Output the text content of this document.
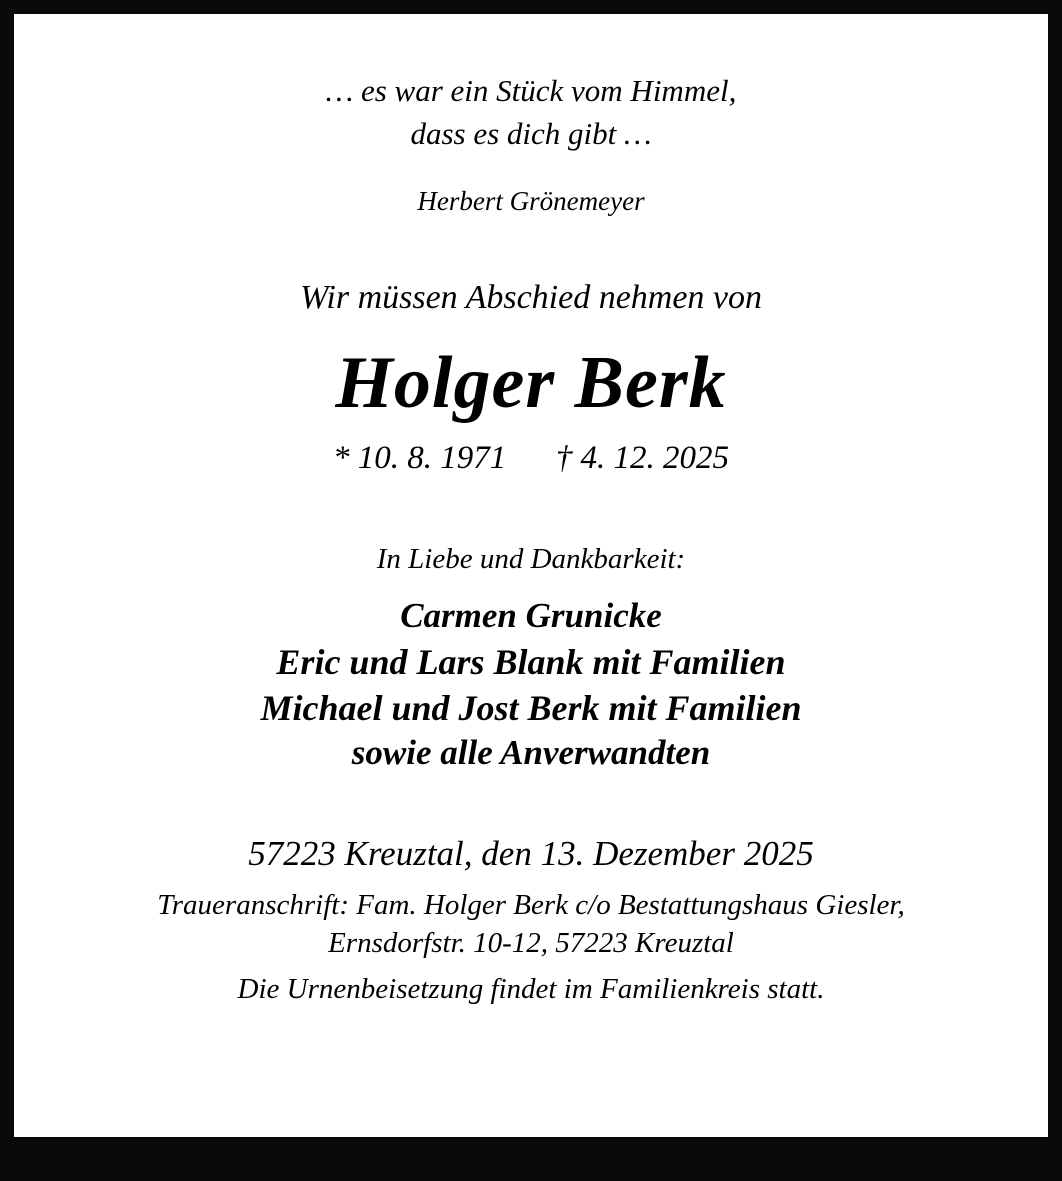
… es war ein Stück vom Himmel,
dass es dich gibt …
Herbert Grönemeyer
Wir müssen Abschied nehmen von
Holger Berk
* 10. 8. 1971      † 4. 12. 2025
In Liebe und Dankbarkeit:
Carmen Grunicke
Eric und Lars Blank mit Familien
Michael und Jost Berk mit Familien
sowie alle Anverwandten
57223 Kreuztal, den 13. Dezember 2025
Traueranschrift: Fam. Holger Berk c/o Bestattungshaus Giesler,
Ernsdorfstr. 10-12, 57223 Kreuztal
Die Urnenbeisetzung findet im Familienkreis statt.
